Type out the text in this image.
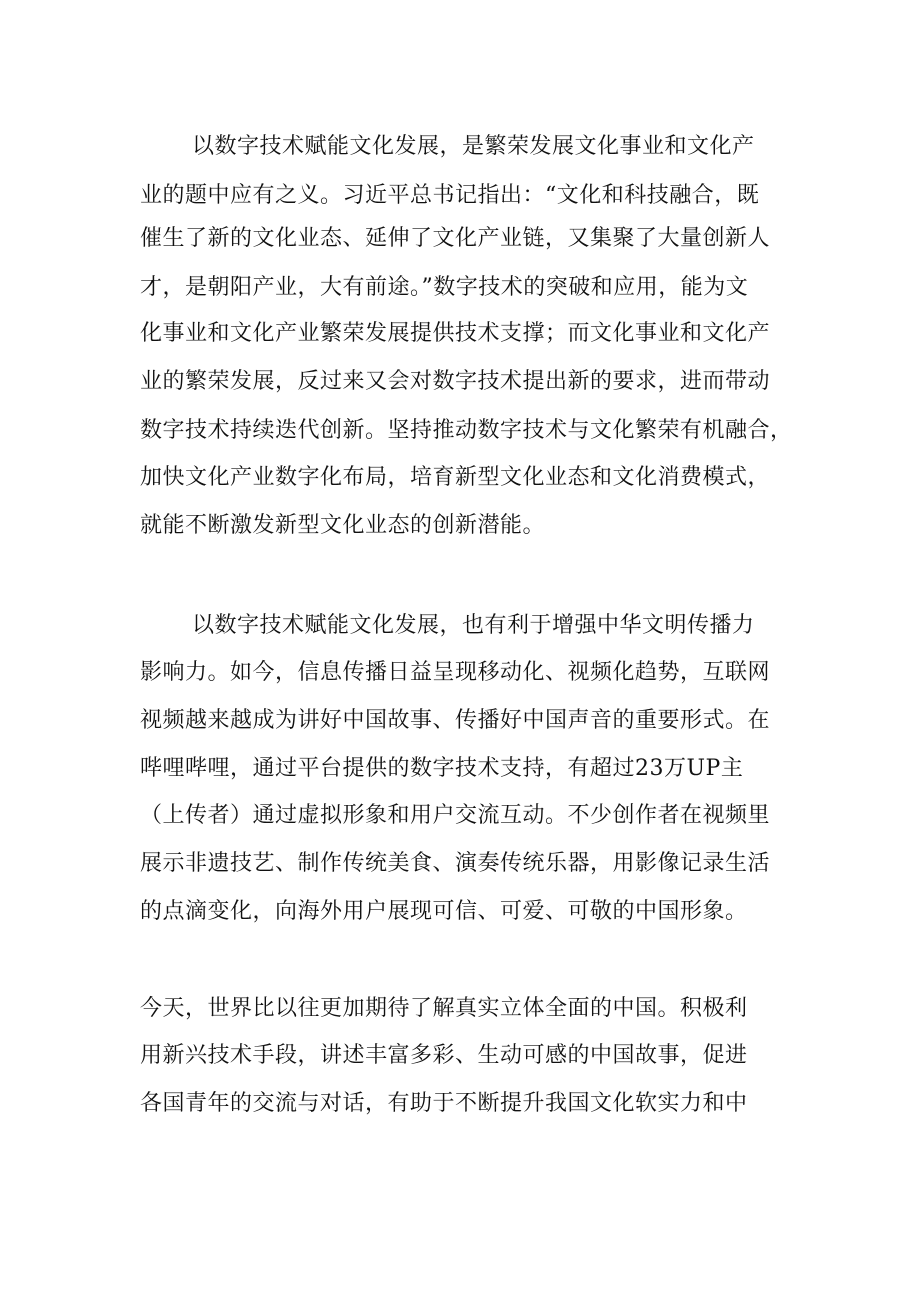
以数字技术赋能文化发展，是繁荣发展文化事业和文化产
业的题中应有之义。习近平总书记指出：“文化和科技融合，既
催生了新的文化业态、延伸了文化产业链，又集聚了大量创新人
才，是朝阳产业，大有前途。”数字技术的突破和应用，能为文
化事业和文化产业繁荣发展提供技术支撑；而文化事业和文化产
业的繁荣发展，反过来又会对数字技术提出新的要求，进而带动
数字技术持续迭代创新。坚持推动数字技术与文化繁荣有机融合，
加快文化产业数字化布局，培育新型文化业态和文化消费模式，
就能不断激发新型文化业态的创新潜能。
以数字技术赋能文化发展，也有利于增强中华文明传播力
影响力。如今，信息传播日益呈现移动化、视频化趋势，互联网
视频越来越成为讲好中国故事、传播好中国声音的重要形式。在
哔哩哔哩，通过平台提供的数字技术支持，有超过23万UP主
（上传者）通过虚拟形象和用户交流互动。不少创作者在视频里
展示非遗技艺、制作传统美食、演奏传统乐器，用影像记录生活
的点滴变化，向海外用户展现可信、可爱、可敬的中国形象。
今天，世界比以往更加期待了解真实立体全面的中国。积极利
用新兴技术手段，讲述丰富多彩、生动可感的中国故事，促进
各国青年的交流与对话，有助于不断提升我国文化软实力和中
